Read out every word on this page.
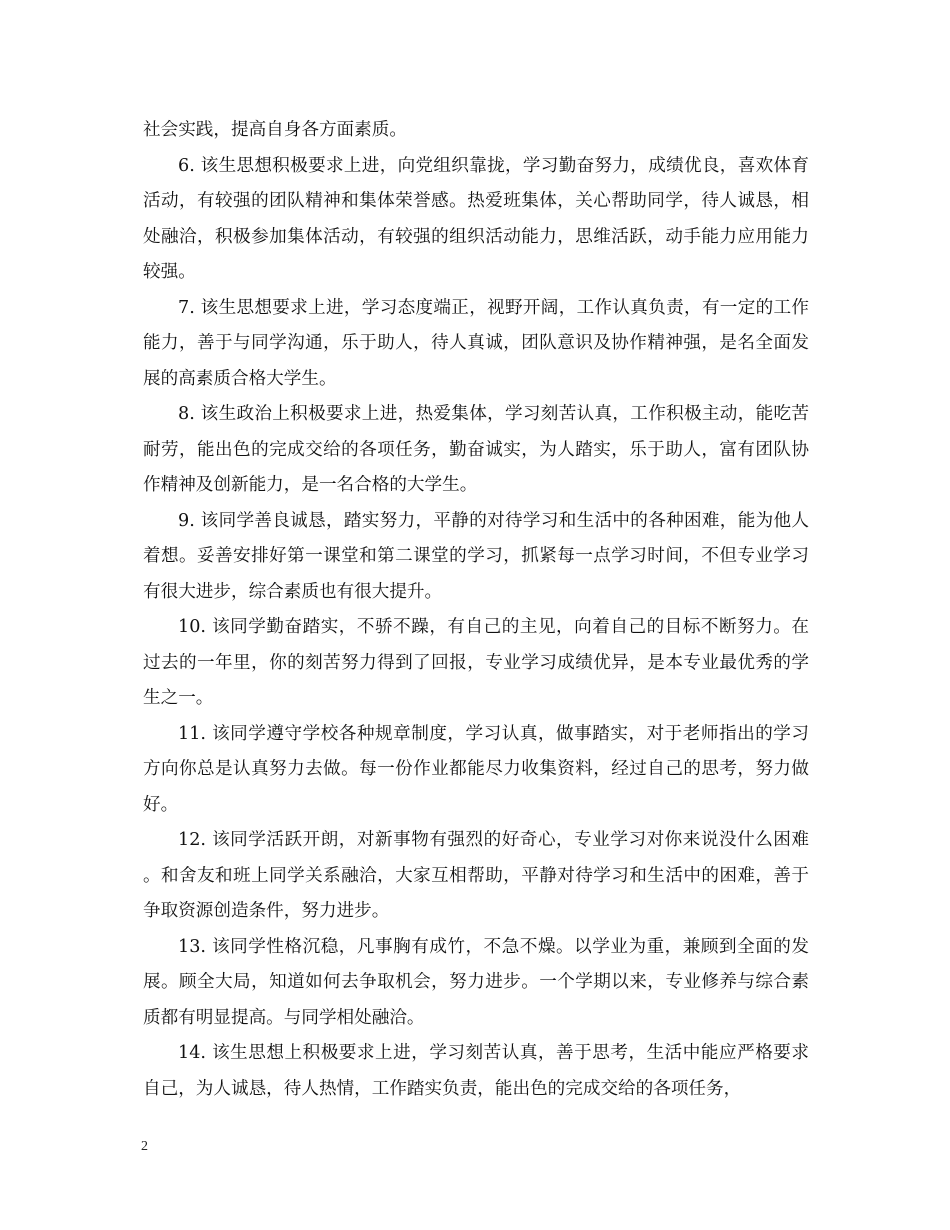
社会实践，提高自身各方面素质。

6. 该生思想积极要求上进，向党组织靠拢，学习勤奋努力，成绩优良，喜欢体育活动，有较强的团队精神和集体荣誉感。热爱班集体，关心帮助同学，待人诚恳，相处融洽，积极参加集体活动，有较强的组织活动能力，思维活跃，动手能力应用能力较强。

7. 该生思想要求上进，学习态度端正，视野开阔，工作认真负责，有一定的工作能力，善于与同学沟通，乐于助人，待人真诚，团队意识及协作精神强，是名全面发展的高素质合格大学生。

8. 该生政治上积极要求上进，热爱集体，学习刻苦认真，工作积极主动，能吃苦耐劳，能出色的完成交给的各项任务，勤奋诚实，为人踏实，乐于助人，富有团队协作精神及创新能力，是一名合格的大学生。

9. 该同学善良诚恳，踏实努力，平静的对待学习和生活中的各种困难，能为他人着想。妥善安排好第一课堂和第二课堂的学习，抓紧每一点学习时间，不但专业学习有很大进步，综合素质也有很大提升。

10. 该同学勤奋踏实，不骄不躁，有自己的主见，向着自己的目标不断努力。在过去的一年里，你的刻苦努力得到了回报，专业学习成绩优异，是本专业最优秀的学生之一。

11. 该同学遵守学校各种规章制度，学习认真，做事踏实，对于老师指出的学习方向你总是认真努力去做。每一份作业都能尽力收集资料，经过自己的思考，努力做好。

12. 该同学活跃开朗，对新事物有强烈的好奇心，专业学习对你来说没什么困难。和舍友和班上同学关系融洽，大家互相帮助，平静对待学习和生活中的困难，善于争取资源创造条件，努力进步。

13. 该同学性格沉稳，凡事胸有成竹，不急不燥。以学业为重，兼顾到全面的发展。顾全大局，知道如何去争取机会，努力进步。一个学期以来，专业修养与综合素质都有明显提高。与同学相处融洽。

14. 该生思想上积极要求上进，学习刻苦认真，善于思考，生活中能应严格要求自己，为人诚恳，待人热情，工作踏实负责，能出色的完成交给的各项任务，

2
